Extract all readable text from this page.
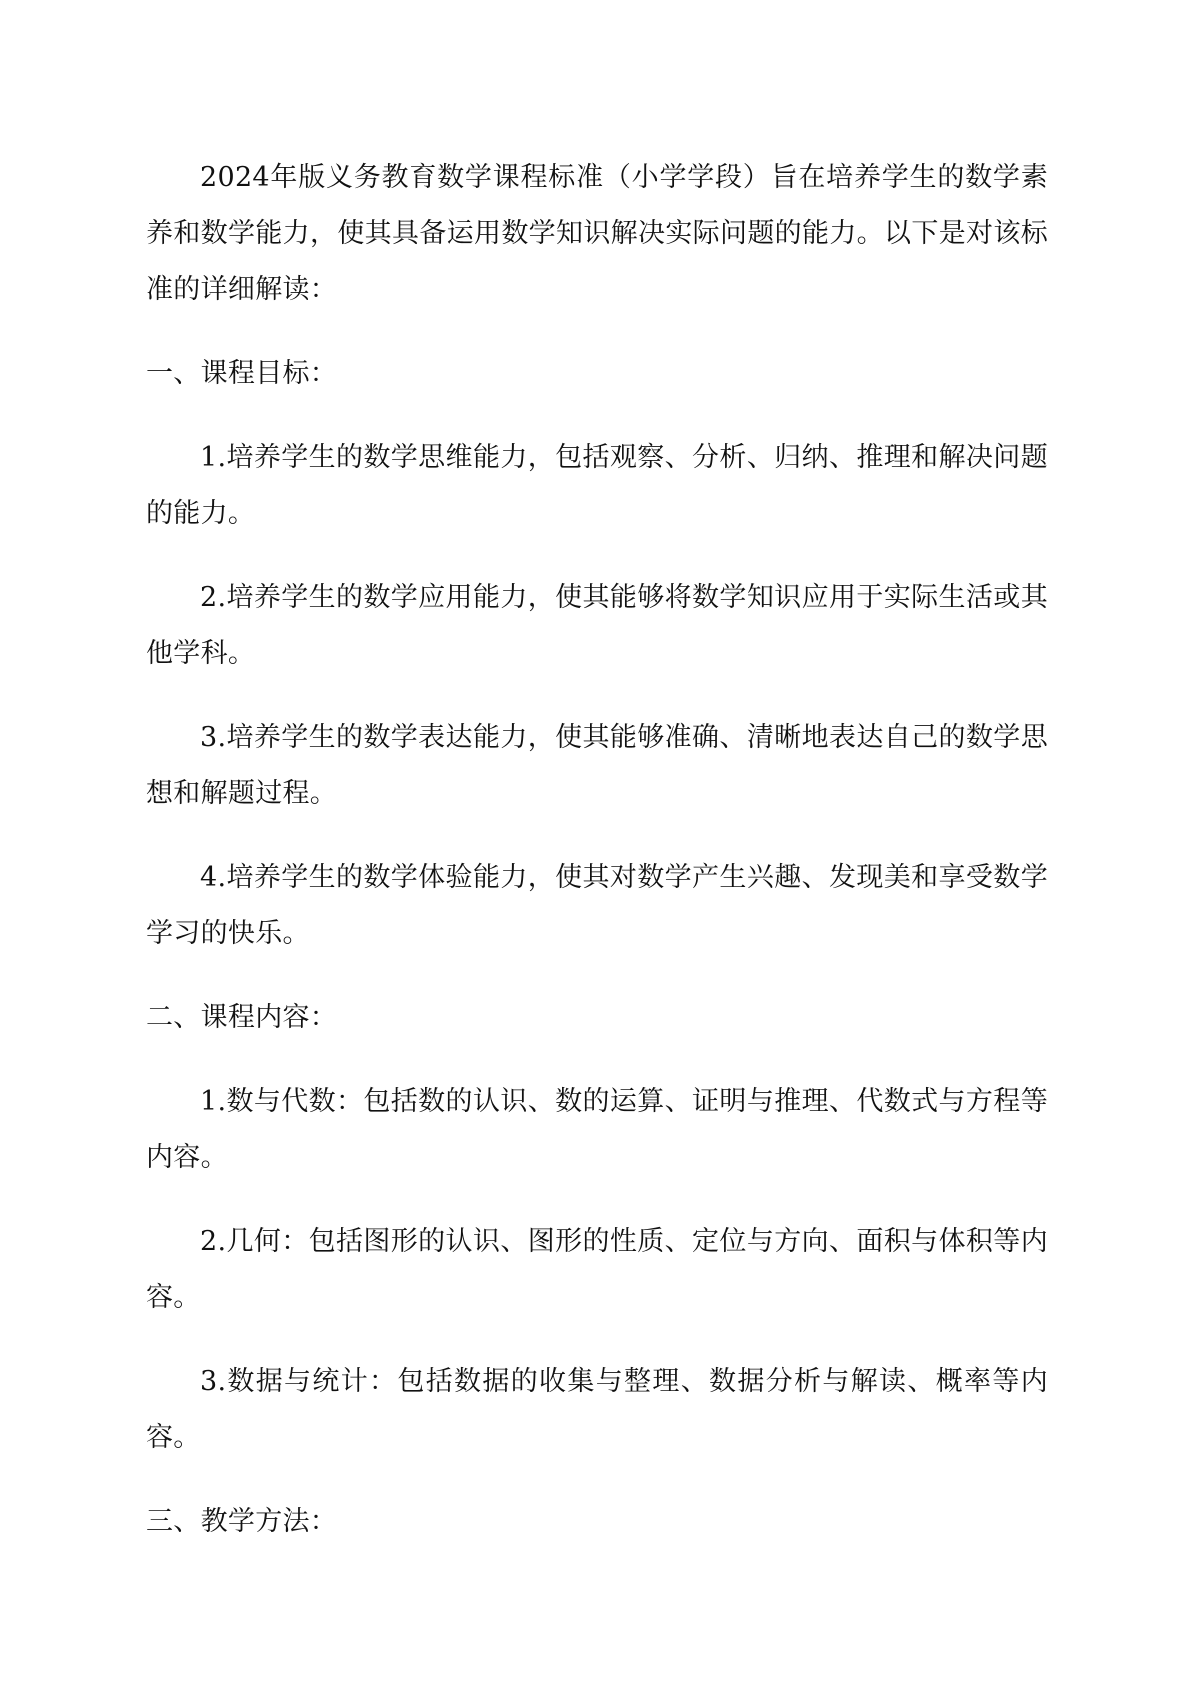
2024年版义务教育数学课程标准（小学学段）旨在培养学生的数学素养和数学能力，使其具备运用数学知识解决实际问题的能力。以下是对该标准的详细解读：

一、课程目标：

1.培养学生的数学思维能力，包括观察、分析、归纳、推理和解决问题的能力。

2.培养学生的数学应用能力，使其能够将数学知识应用于实际生活或其他学科。

3.培养学生的数学表达能力，使其能够准确、清晰地表达自己的数学思想和解题过程。

4.培养学生的数学体验能力，使其对数学产生兴趣、发现美和享受数学学习的快乐。

二、课程内容：

1.数与代数：包括数的认识、数的运算、证明与推理、代数式与方程等内容。

2.几何：包括图形的认识、图形的性质、定位与方向、面积与体积等内容。

3.数据与统计：包括数据的收集与整理、数据分析与解读、概率等内容。

三、教学方法：
